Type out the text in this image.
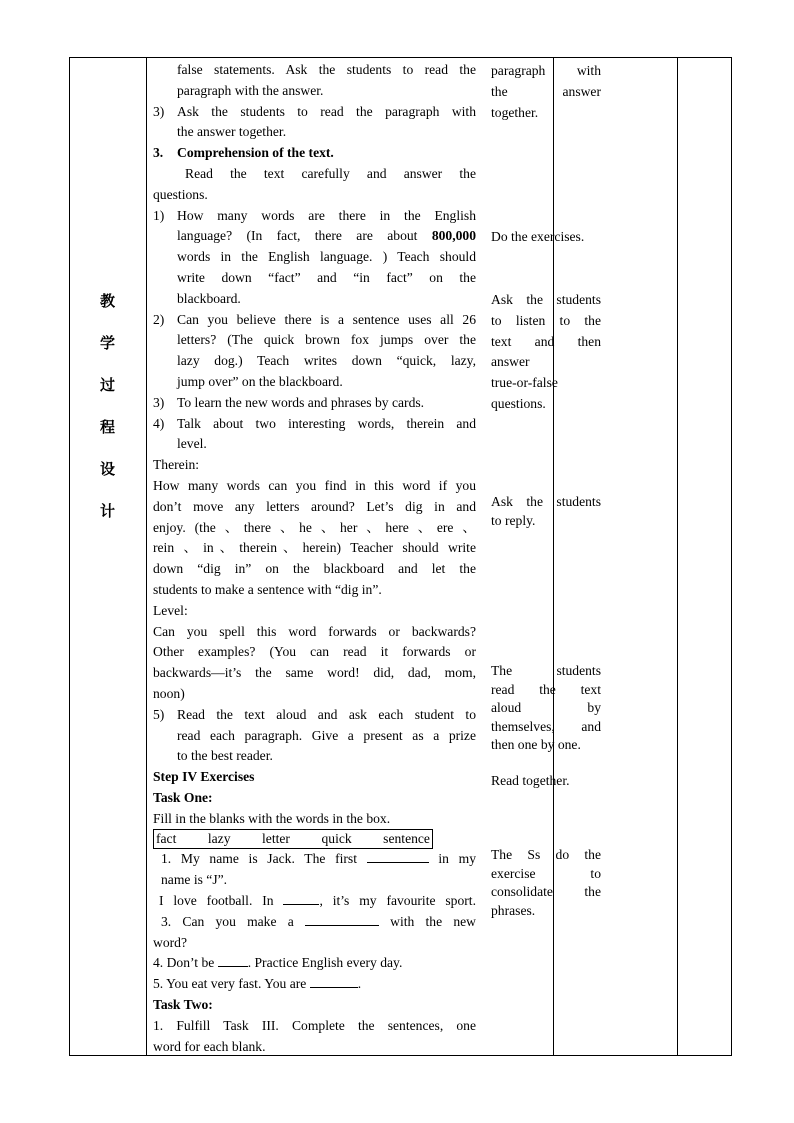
教
学
过
程
设
计
false statements. Ask the students to read the
paragraph with the answer.
3) Ask the students to read the paragraph with
the answer together.
3. Comprehension of the text.
Read the text carefully and answer the
questions.
1) How many words are there in the English
language? (In fact, there are about 800,000
words in the English language. ) Teach should
write down “fact” and “in fact” on the
blackboard.
2) Can you believe there is a sentence uses all 26
letters? (The quick brown fox jumps over the
lazy dog.) Teach writes down “quick, lazy,
jump over” on the blackboard.
3) To learn the new words and phrases by cards.
4) Talk about two interesting words, therein and
level.
Therein:
How many words can you find in this word if you
don’t move any letters around? Let’s dig in and
enjoy. (the 、there 、he 、her 、here 、ere 、
rein 、in、therein、herein) Teacher should write
down “dig in” on the blackboard and let the
students to make a sentence with “dig in”.
Level:
Can you spell this word forwards or backwards?
Other examples? (You can read it forwards or
backwards—it’s the same word! did, dad, mom,
noon)
5) Read the text aloud and ask each student to
read each paragraph. Give a present as a prize
to the best reader.
Step IV Exercises
Task One:
Fill in the blanks with the words in the box.
fact lazy letter quick sentence
1. My name is Jack. The first	in my
name is “J”.
I love football. In	, it’s my favourite sport.
3. Can you make a	with the new
word?
4. Don’t be . Practice English every day.
5. You eat very fast. You are	.
Task Two:
1. Fulfill Task III. Complete the sentences, one
word for each blank.
paragraph with
the answer
together.
Do the exercises.
Ask the students
to listen to the
text and then
answer
true-or-false
questions.
Ask the students
to reply.
The students
read the text
aloud by
themselves, and
then one by one.
Read together.
The Ss do the
exercise to
consolidate the
phrases.
